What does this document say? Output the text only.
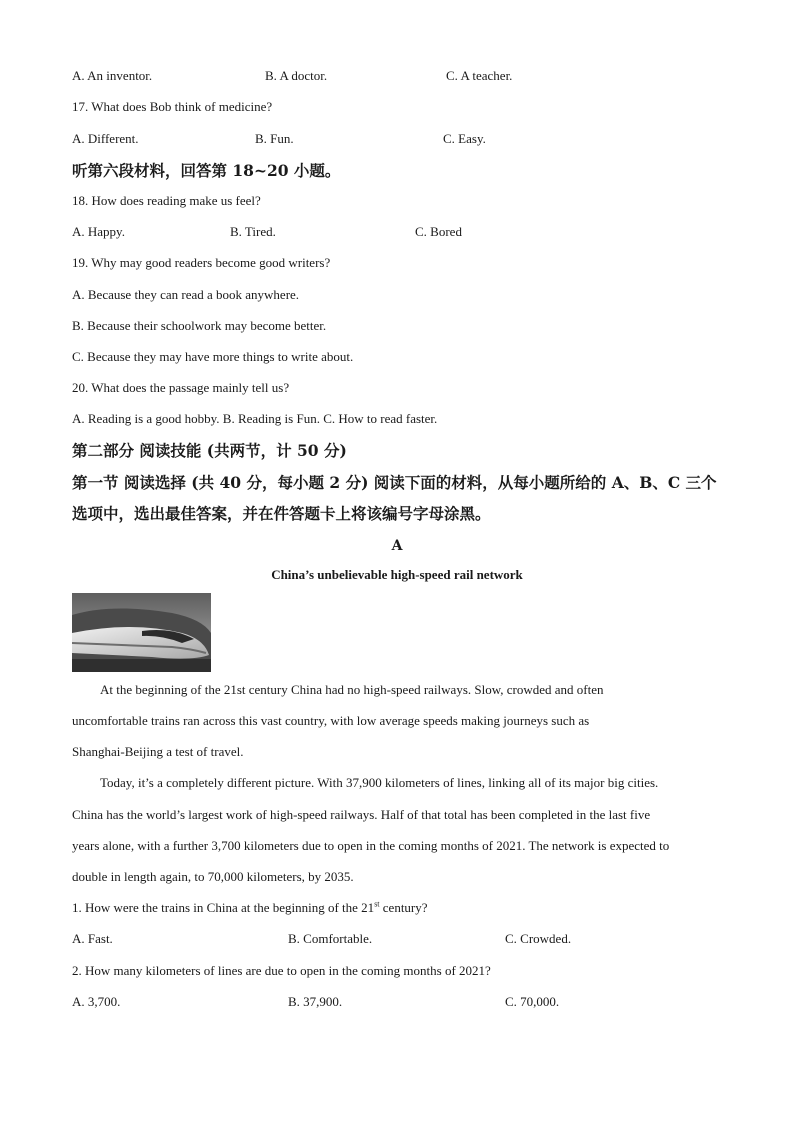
A. An inventor.	B. A doctor.	C. A teacher.
17. What does Bob think of medicine?
A. Different.	B. Fun.	C. Easy.
听第六段材料，回答第 18~20 小题。
18. How does reading make us feel?
A. Happy.	B. Tired.	C. Bored
19. Why may good readers become good writers?
A. Because they can read a book anywhere.
B. Because their schoolwork may become better.
C. Because they may have more things to write about.
20. What does the passage mainly tell us?
A. Reading is a good hobby. B. Reading is Fun. C. How to read faster.
第二部分 阅读技能 (共两节，计 50 分)
第一节 阅读选择 (共 40 分，每小题 2 分) 阅读下面的材料，从每小题所给的 A、B、C 三个
选项中，选出最佳答案，并在件答题卡上将该编号字母涂黑。
A
China’s unbelievable high-speed rail network
At the beginning of the 21st century China had no high-speed railways. Slow, crowded and often
uncomfortable trains ran across this vast country, with low average speeds making journeys such as
Shanghai-Beijing a test of travel.
Today, it’s a completely different picture. With 37,900 kilometers of lines, linking all of its major big cities.
China has the world’s largest work of high-speed railways. Half of that total has been completed in the last five
years alone, with a further 3,700 kilometers due to open in the coming months of 2021. The network is expected to
double in length again, to 70,000 kilometers, by 2035.
1. How were the trains in China at the beginning of the 21st century?
A. Fast.	B. Comfortable.	C. Crowded.
2. How many kilometers of lines are due to open in the coming months of 2021?
A. 3,700.	B. 37,900.	C. 70,000.
